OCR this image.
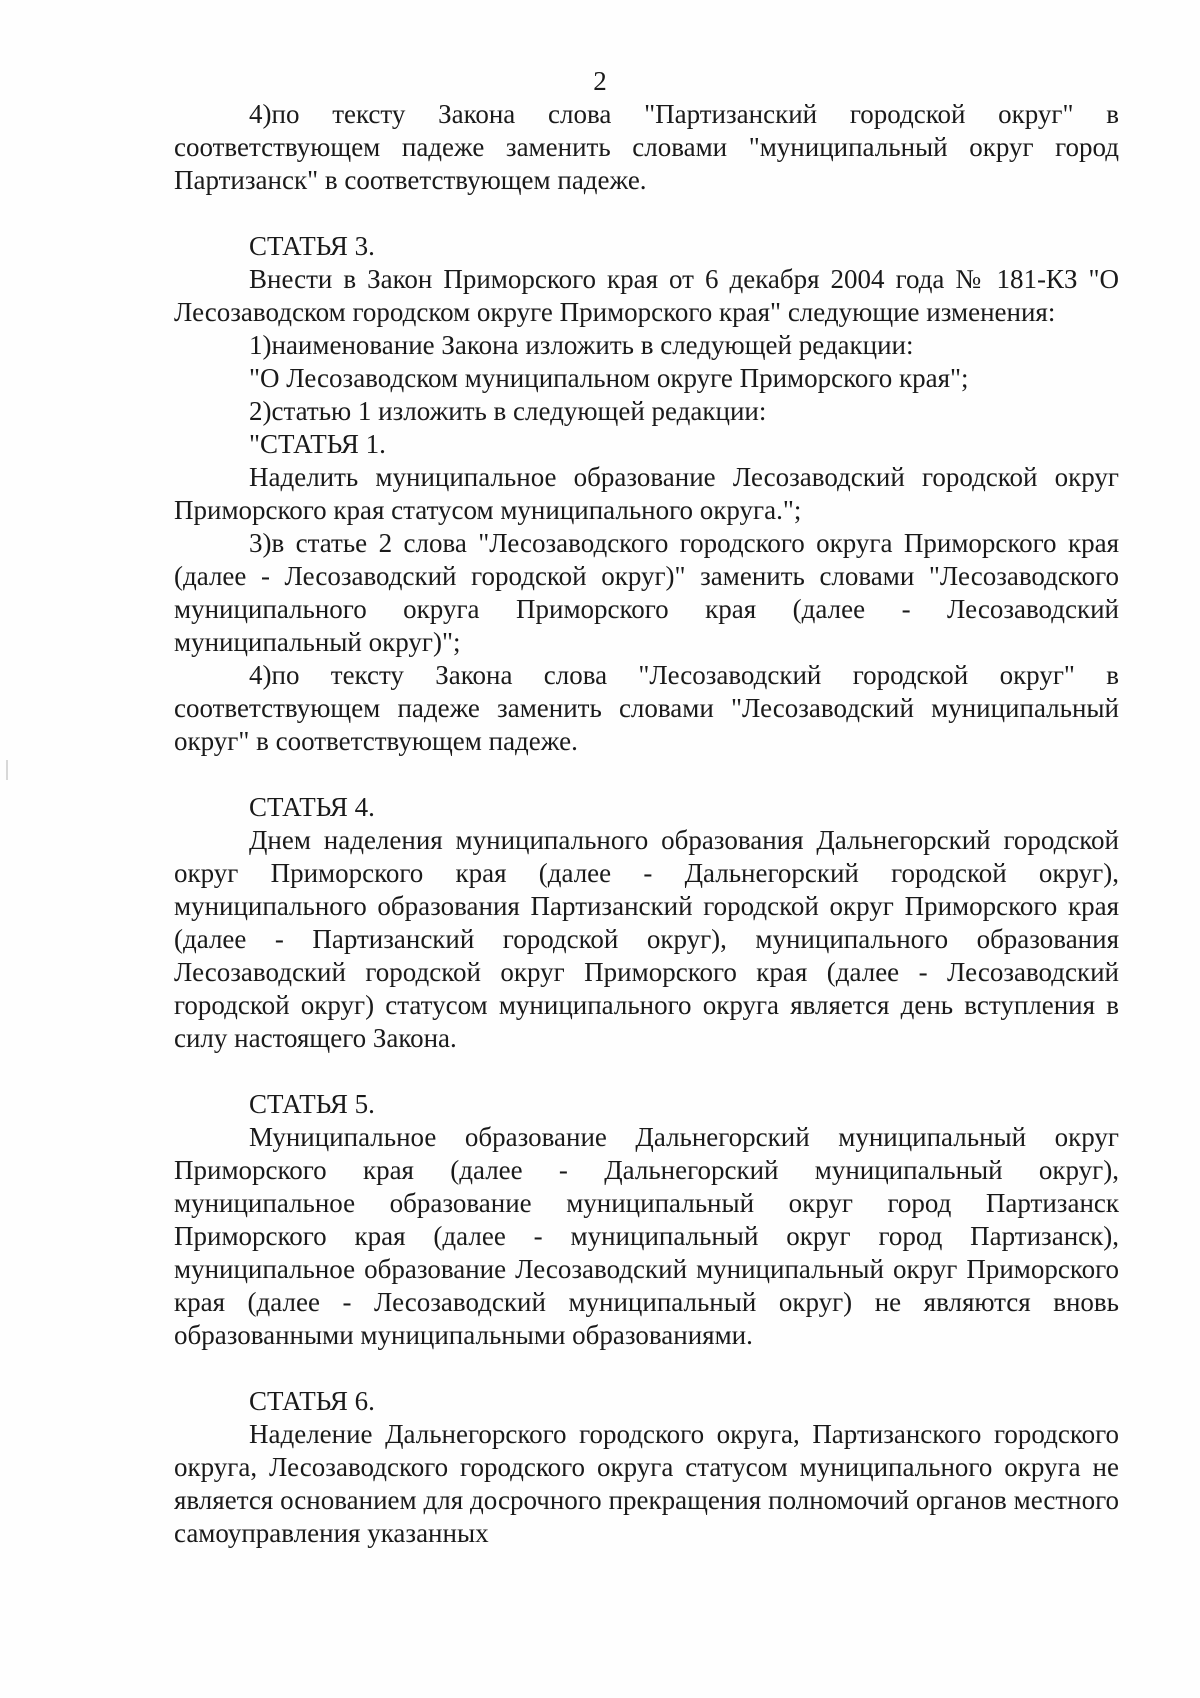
2

4)по тексту Закона слова "Партизанский городской округ" в соответствующем падеже заменить словами "муниципальный округ город Партизанск" в соответствующем падеже.

СТАТЬЯ 3.

Внести в Закон Приморского края от 6 декабря 2004 года № 181-КЗ "О Лесозаводском городском округе Приморского края" следующие изменения:

1)наименование Закона изложить в следующей редакции:

"О Лесозаводском муниципальном округе Приморского края";

2)статью 1 изложить в следующей редакции:

"СТАТЬЯ 1.

Наделить муниципальное образование Лесозаводский городской округ Приморского края статусом муниципального округа.";

3)в статье 2 слова "Лесозаводского городского округа Приморского края (далее - Лесозаводский городской округ)" заменить словами "Лесозаводского муниципального округа Приморского края (далее - Лесозаводский муниципальный округ)";

4)по тексту Закона слова "Лесозаводский городской округ" в соответствующем падеже заменить словами "Лесозаводский муниципальный округ" в соответствующем падеже.

СТАТЬЯ 4.

Днем наделения муниципального образования Дальнегорский городской округ Приморского края (далее - Дальнегорский городской округ), муниципального образования Партизанский городской округ Приморского края (далее - Партизанский городской округ), муниципального образования Лесозаводский городской округ Приморского края (далее - Лесозаводский городской округ) статусом муниципального округа является день вступления в силу настоящего Закона.

СТАТЬЯ 5.

Муниципальное образование Дальнегорский муниципальный округ Приморского края (далее - Дальнегорский муниципальный округ), муниципальное образование муниципальный округ город Партизанск Приморского края (далее - муниципальный округ город Партизанск), муниципальное образование Лесозаводский муниципальный округ Приморского края (далее - Лесозаводский муниципальный округ) не являются вновь образованными муниципальными образованиями.

СТАТЬЯ 6.

Наделение Дальнегорского городского округа, Партизанского городского округа, Лесозаводского городского округа статусом муниципального округа не является основанием для досрочного прекращения полномочий органов местного самоуправления указанных
